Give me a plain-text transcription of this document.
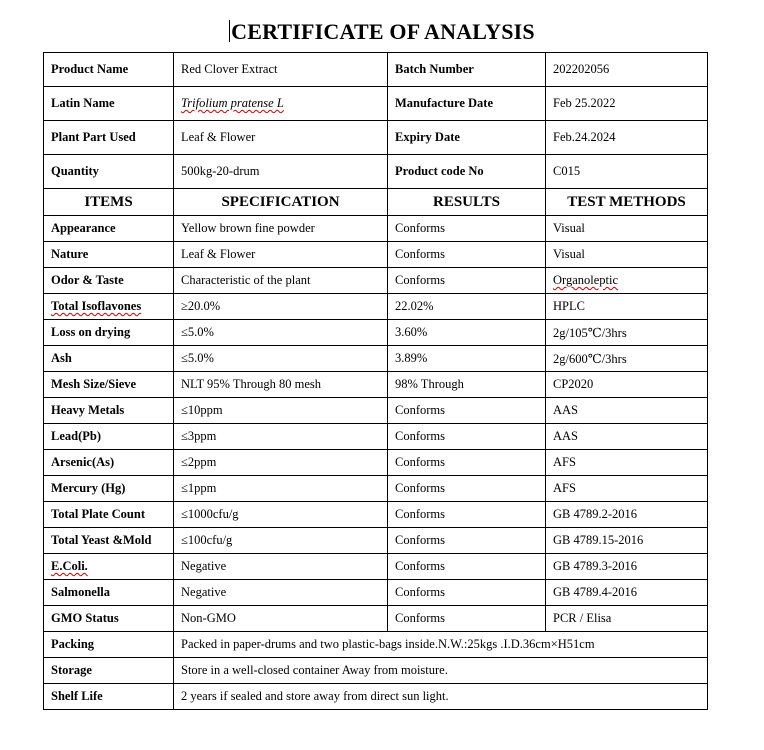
CERTIFICATE OF ANALYSIS
Product Name	Red Clover Extract	Batch Number	202202056
Latin Name	Trifolium pratense L	Manufacture Date	Feb 25.2022
Plant Part Used	Leaf & Flower	Expiry Date	Feb.24.2024
Quantity	500kg-20-drum	Product code No	C015
ITEMS	SPECIFICATION	RESULTS	TEST METHODS
Appearance	Yellow brown fine powder	Conforms	Visual
Nature	Leaf & Flower	Conforms	Visual
Odor & Taste	Characteristic of the plant	Conforms	Organoleptic
Total Isoflavones	≥20.0%	22.02%	HPLC
Loss on drying	≤5.0%	3.60%	2g/105℃/3hrs
Ash	≤5.0%	3.89%	2g/600℃/3hrs
Mesh Size/Sieve	NLT 95% Through 80 mesh	98% Through	CP2020
Heavy Metals	≤10ppm	Conforms	AAS
Lead(Pb)	≤3ppm	Conforms	AAS
Arsenic(As)	≤2ppm	Conforms	AFS
Mercury (Hg)	≤1ppm	Conforms	AFS
Total Plate Count	≤1000cfu/g	Conforms	GB 4789.2-2016
Total Yeast &Mold	≤100cfu/g	Conforms	GB 4789.15-2016
E.Coli.	Negative	Conforms	GB 4789.3-2016
Salmonella	Negative	Conforms	GB 4789.4-2016
GMO Status	Non-GMO	Conforms	PCR / Elisa
Packing	Packed in paper-drums and two plastic-bags inside.N.W.:25kgs .I.D.36cm×H51cm		
Storage	Store in a well-closed container Away from moisture.		
Shelf Life	2 years if sealed and store away from direct sun light.		
